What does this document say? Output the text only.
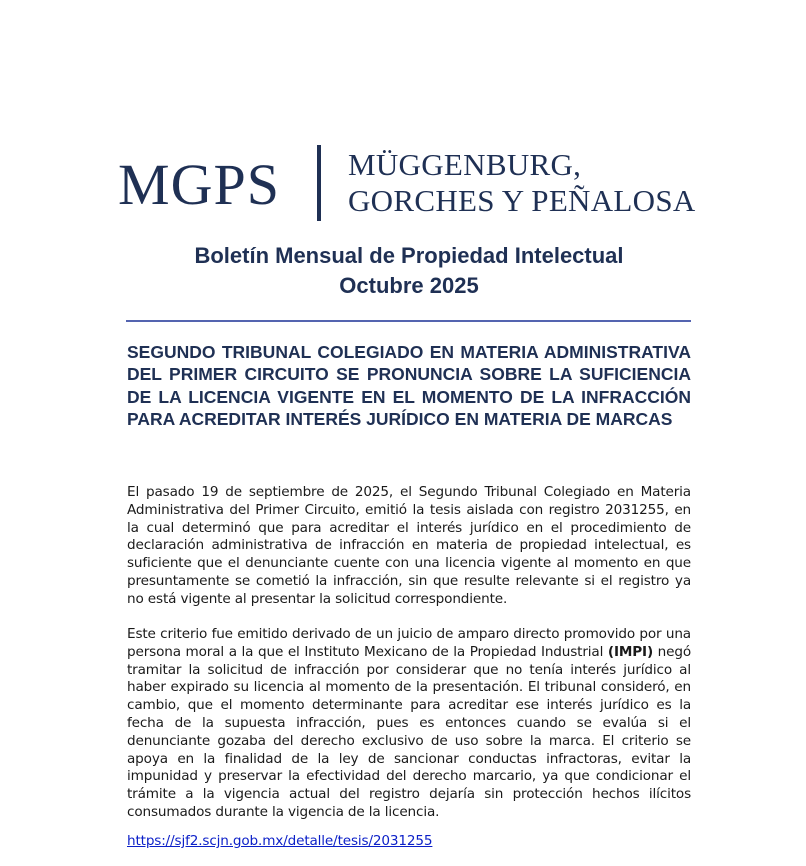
MGPS MÜGGENBURG,
GORCHES Y PEÑALOSA
Boletín Mensual de Propiedad Intelectual
Octubre 2025

SEGUNDO TRIBUNAL COLEGIADO EN MATERIA ADMINISTRATIVA DEL PRIMER CIRCUITO SE PRONUNCIA SOBRE LA SUFICIENCIA DE LA LICENCIA VIGENTE EN EL MOMENTO DE LA INFRACCIÓN PARA ACREDITAR INTERÉS JURÍDICO EN MATERIA DE MARCAS

El pasado 19 de septiembre de 2025, el Segundo Tribunal Colegiado en Materia Administrativa del Primer Circuito, emitió la tesis aislada con registro 2031255, en la cual determinó que para acreditar el interés jurídico en el procedimiento de declaración administrativa de infracción en materia de propiedad intelectual, es suficiente que el denunciante cuente con una licencia vigente al momento en que presuntamente se cometió la infracción, sin que resulte relevante si el registro ya no está vigente al presentar la solicitud correspondiente.

Este criterio fue emitido derivado de un juicio de amparo directo promovido por una persona moral a la que el Instituto Mexicano de la Propiedad Industrial (IMPI) negó tramitar la solicitud de infracción por considerar que no tenía interés jurídico al haber expirado su licencia al momento de la presentación. El tribunal consideró, en cambio, que el momento determinante para acreditar ese interés jurídico es la fecha de la supuesta infracción, pues es entonces cuando se evalúa si el denunciante gozaba del derecho exclusivo de uso sobre la marca. El criterio se apoya en la finalidad de la ley de sancionar conductas infractoras, evitar la impunidad y preservar la efectividad del derecho marcario, ya que condicionar el trámite a la vigencia actual del registro dejaría sin protección hechos ilícitos consumados durante la vigencia de la licencia.

https://sjf2.scjn.gob.mx/detalle/tesis/2031255
